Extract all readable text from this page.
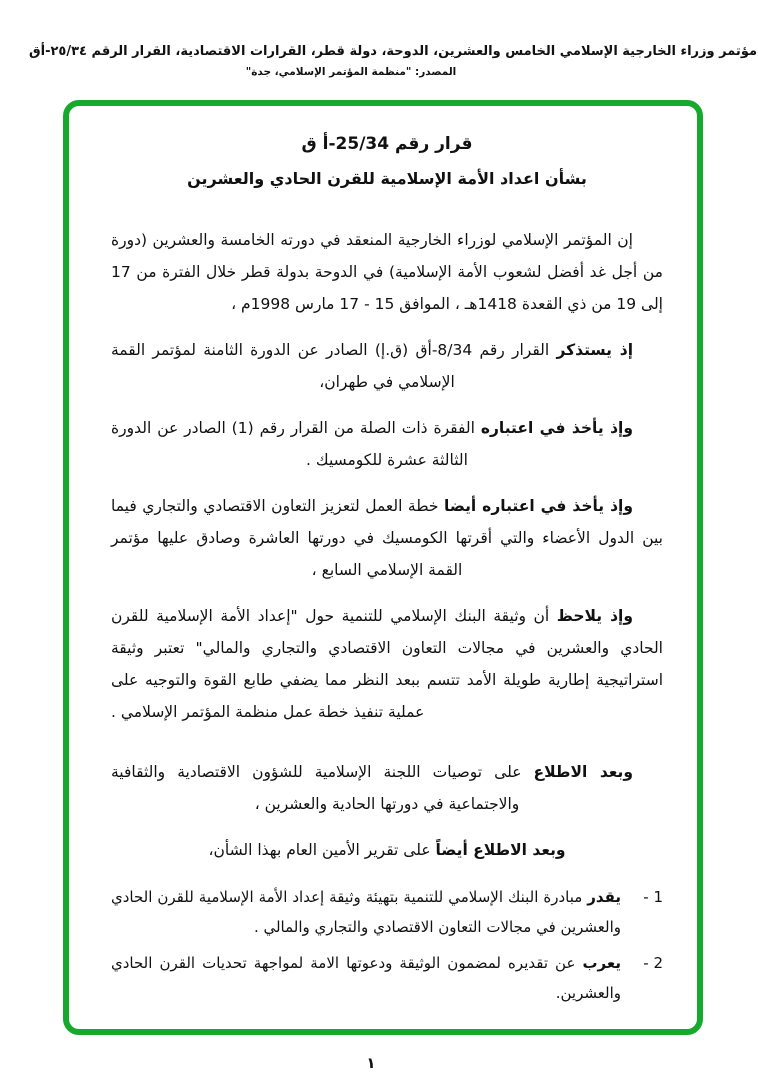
مؤتمر وزراء الخارجية الإسلامي الخامس والعشرين، الدوحة، دولة قطر، القرارات الاقتصادية، القرار الرقم ٢٥/٣٤-أق
المصدر: "منظمة المؤتمر الإسلامي، جدة"
قرار رقم 25/34-أ ق
بشأن اعداد الأمة الإسلامية للقرن الحادي والعشرين

إن المؤتمر الإسلامي لوزراء الخارجية المنعقد في دورته الخامسة والعشرين (دورة من أجل غد أفضل لشعوب الأمة الإسلامية) في الدوحة بدولة قطر خلال الفترة من 17 إلى 19 من ذي القعدة 1418هـ ، الموافق 15 - 17 مارس 1998م ،

إذ يستذكر القرار رقم 8/34-أق (ق.إ) الصادر عن الدورة الثامنة لمؤتمر القمة الإسلامي في طهران،

وإذ يأخذ في اعتباره الفقرة ذات الصلة من القرار رقم (1) الصادر عن الدورة الثالثة عشرة للكومسيك .

وإذ يأخذ في اعتباره أيضا خطة العمل لتعزيز التعاون الاقتصادي والتجاري فيما بين الدول الأعضاء والتي أقرتها الكومسيك في دورتها العاشرة وصادق عليها مؤتمر القمة الإسلامي السابع ،

وإذ يلاحظ أن وثيقة البنك الإسلامي للتنمية حول "إعداد الأمة الإسلامية للقرن الحادي والعشرين في مجالات التعاون الاقتصادي والتجاري والمالي" تعتبر وثيقة استراتيجية إطارية طويلة الأمد تتسم ببعد النظر مما يضفي طابع القوة والتوجيه على عملية تنفيذ خطة عمل منظمة المؤتمر الإسلامي .

وبعد الاطلاع على توصيات اللجنة الإسلامية للشؤون الاقتصادية والثقافية والاجتماعية في دورتها الحادية والعشرين ،

وبعد الاطلاع أيضاً على تقرير الأمين العام بهذا الشأن،

1 -
يقدر مبادرة البنك الإسلامي للتنمية بتهيئة وثيقة إعداد الأمة الإسلامية للقرن الحادي والعشرين في مجالات التعاون الاقتصادي والتجاري والمالي .
2 -
يعرب عن تقديره لمضمون الوثيقة ودعوتها الامة لمواجهة تحديات القرن الحادي والعشرين.
١
